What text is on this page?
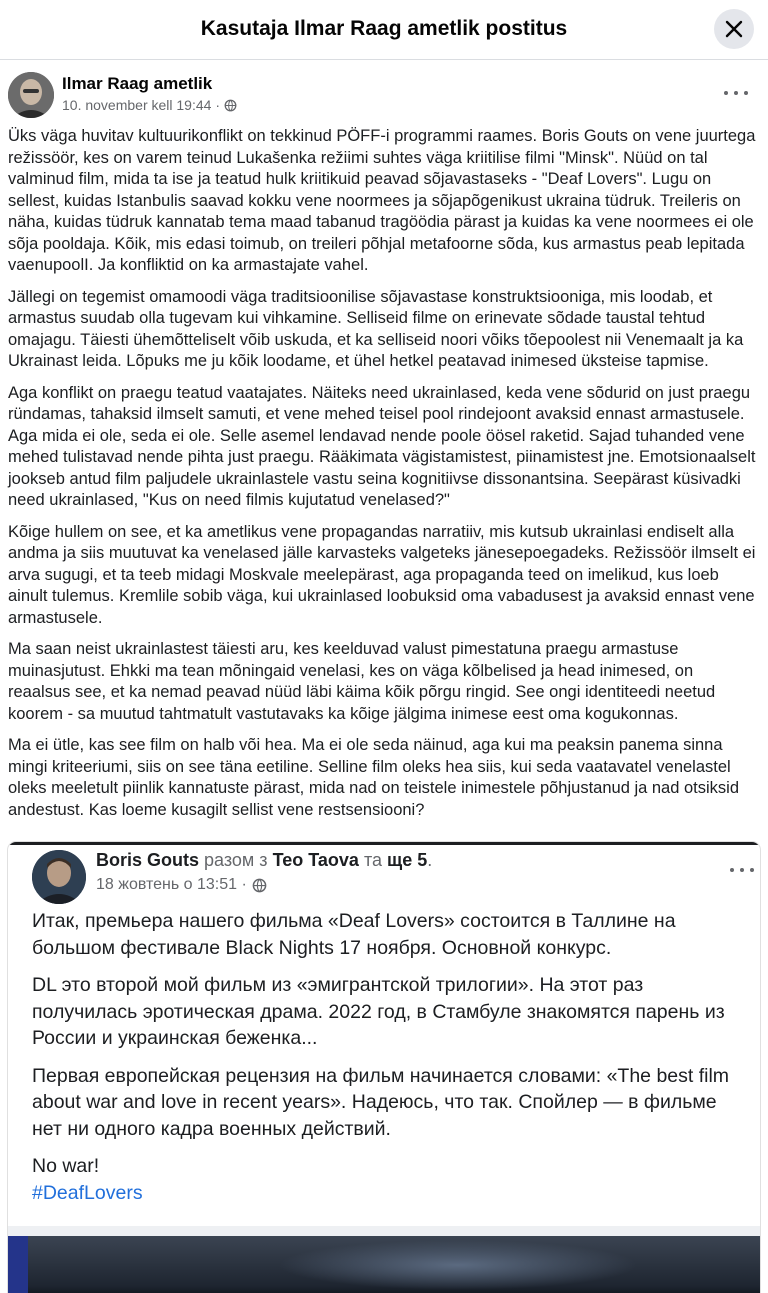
Kasutaja Ilmar Raag ametlik postitus
Ilmar Raag ametlik
10. november kell 19:44 ·

Üks väga huvitav kultuurikonflikt on tekkinud PÖFF-i programmi raames. Boris Gouts on vene juurtega režissöör, kes on varem teinud Lukašenka režiimi suhtes väga kriitilise filmi "Minsk". Nüüd on tal valminud film, mida ta ise ja teatud hulk kriitikuid peavad sõjavastaseks - "Deaf Lovers". Lugu on sellest, kuidas Istanbulis saavad kokku vene noormees ja sõjapõgenikust ukraina tüdruk. Treileris on näha, kuidas tüdruk kannatab tema maad tabanud tragöödia pärast ja kuidas ka vene noormees ei ole sõja pooldaja. Kõik, mis edasi toimub, on treileri põhjal metafoorne sõda, kus armastus peab lepitada vaenupoolI. Ja konfliktid on ka armastajate vahel.

Jällegi on tegemist omamoodi väga traditsioonilise sõjavastase konstruktsiooniga, mis loodab, et armastus suudab olla tugevam kui vihkamine. Selliseid filme on erinevate sõdade taustal tehtud omajagu. Täiesti ühemõtteliselt võib uskuda, et ka selliseid noori võiks tõepoolest nii Venemaalt ja ka Ukrainast leida. Lõpuks me ju kõik loodame, et ühel hetkel peatavad inimesed üksteise tapmise.

Aga konflikt on praegu teatud vaatajates. Näiteks need ukrainlased, keda vene sõdurid on just praegu ründamas, tahaksid ilmselt samuti, et vene mehed teisel pool rindejoont avaksid ennast armastusele. Aga mida ei ole, seda ei ole. Selle asemel lendavad nende poole öösel raketid. Sajad tuhanded vene mehed tulistavad nende pihta just praegu. Rääkimata vägistamistest, piinamistest jne. Emotsionaalselt jookseb antud film paljudele ukrainlastele vastu seina kognitiivse dissonantsina. Seepärast küsivadki need ukrainlased, "Kus on need filmis kujutatud venelased?"

Kõige hullem on see, et ka ametlikus vene propagandas narratiiv, mis kutsub ukrainlasi endiselt alla andma ja siis muutuvat ka venelased jälle karvasteks valgeteks jänesepoegadeks. Režissöör ilmselt ei arva sugugi, et ta teeb midagi Moskvale meelepärast, aga propaganda teed on imelikud, kus loeb ainult tulemus. Kremlile sobib väga, kui ukrainlased loobuksid oma vabadusest ja avaksid ennast vene armastusele.

Ma saan neist ukrainlastest täiesti aru, kes keelduvad valust pimestatuna praegu armastuse muinasjutust. Ehkki ma tean mõningaid venelasi, kes on väga kõlbelised ja head inimesed, on reaalsus see, et ka nemad peavad nüüd läbi käima kõik põrgu ringid. See ongi identiteedi neetud koorem - sa muutud tahtmatult vastutavaks ka kõige jälgima inimese eest oma kogukonnas.

Ma ei ütle, kas see film on halb või hea. Ma ei ole seda näinud, aga kui ma peaksin panema sinna mingi kriteeriumi, siis on see täna eetiline. Selline film oleks hea siis, kui seda vaatavatel venelastel oleks meeletult piinlik kannatuste pärast, mida nad on teistele inimestele põhjustanud ja nad otsiksid andestust. Kas loeme kusagilt sellist vene restsensiooni?

Boris Gouts разом з Teo Taova та ще 5.
18 жовтень о 13:51 ·

Итак, премьера нашего фильма «Deaf Lovers» состоится в Таллине на

большом фестивале Black Nights 17 ноября. Основной конкурс.

DL это второй мой фильм из «эмигрантской трилогии». На этот раз

получилась эротическая драма. 2022 год, в Стамбуле знакомятся парень из

России и украинская беженка...

Первая европейская рецензия на фильм начинается словами: «The best film

about war and love in recent years». Надеюсь, что так. Спойлер — в фильме

нет ни одного кадра военных действий.

No war!

#DeafLovers
